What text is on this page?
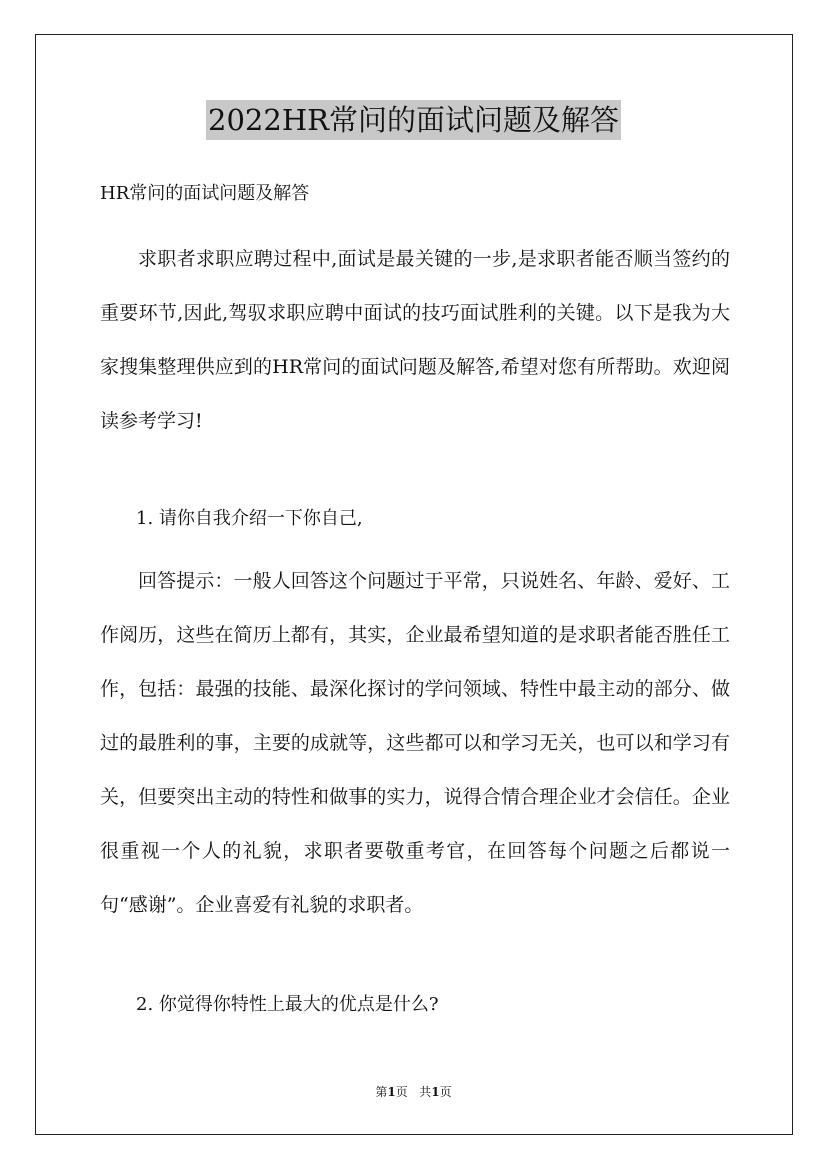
2022HR常问的面试问题及解答
HR常问的面试问题及解答
求职者求职应聘过程中,面试是最关键的一步,是求职者能否顺当签约的重要环节,因此,驾驭求职应聘中面试的技巧面试胜利的关键。以下是我为大家搜集整理供应到的HR常问的面试问题及解答,希望对您有所帮助。欢迎阅读参考学习!
1. 请你自我介绍一下你自己,
回答提示：一般人回答这个问题过于平常，只说姓名、年龄、爱好、工作阅历，这些在简历上都有，其实，企业最希望知道的是求职者能否胜任工作，包括：最强的技能、最深化探讨的学问领域、特性中最主动的部分、做过的最胜利的事，主要的成就等，这些都可以和学习无关，也可以和学习有关，但要突出主动的特性和做事的实力，说得合情合理企业才会信任。企业很重视一个人的礼貌，求职者要敬重考官，在回答每个问题之后都说一句“感谢”。企业喜爱有礼貌的求职者。
2. 你觉得你特性上最大的优点是什么?
第1页 共1页
